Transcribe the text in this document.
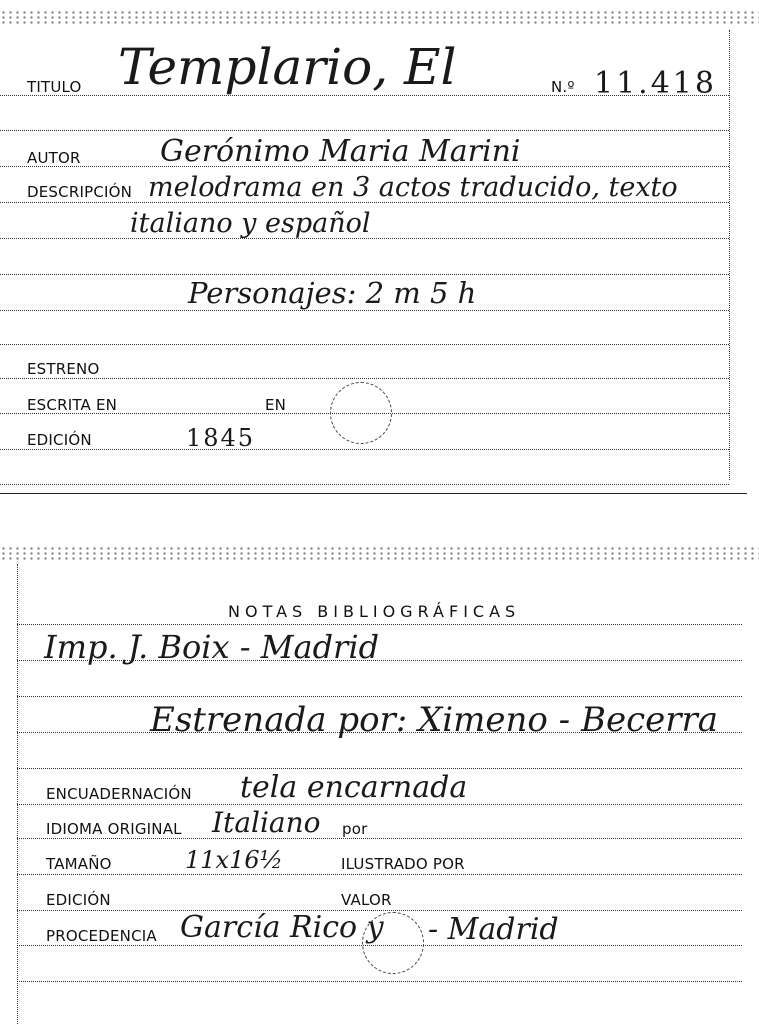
TITULO Templario, El	N.º 11.418
AUTOR	Gerónimo Maria Marini
DESCRIPCIÓN melodrama en 3 actos traducido, texto
italiano y español
Personajes: 2 m 5 h
ESTRENO
ESCRITA EN	EN
EDICIÓN	1845
NOTAS BIBLIOGRÁFICAS
Imp. J. Boix - Madrid
Estrenada por: Ximeno - Becerra
ENCUADERNACIÓN tela encarnada
IDIOMA ORIGINAL Italiano por
TAMAÑO	11x16½	ILUSTRADO POR
EDICIÓN	VALOR
PROCEDENCIA García Rico y - Madrid
